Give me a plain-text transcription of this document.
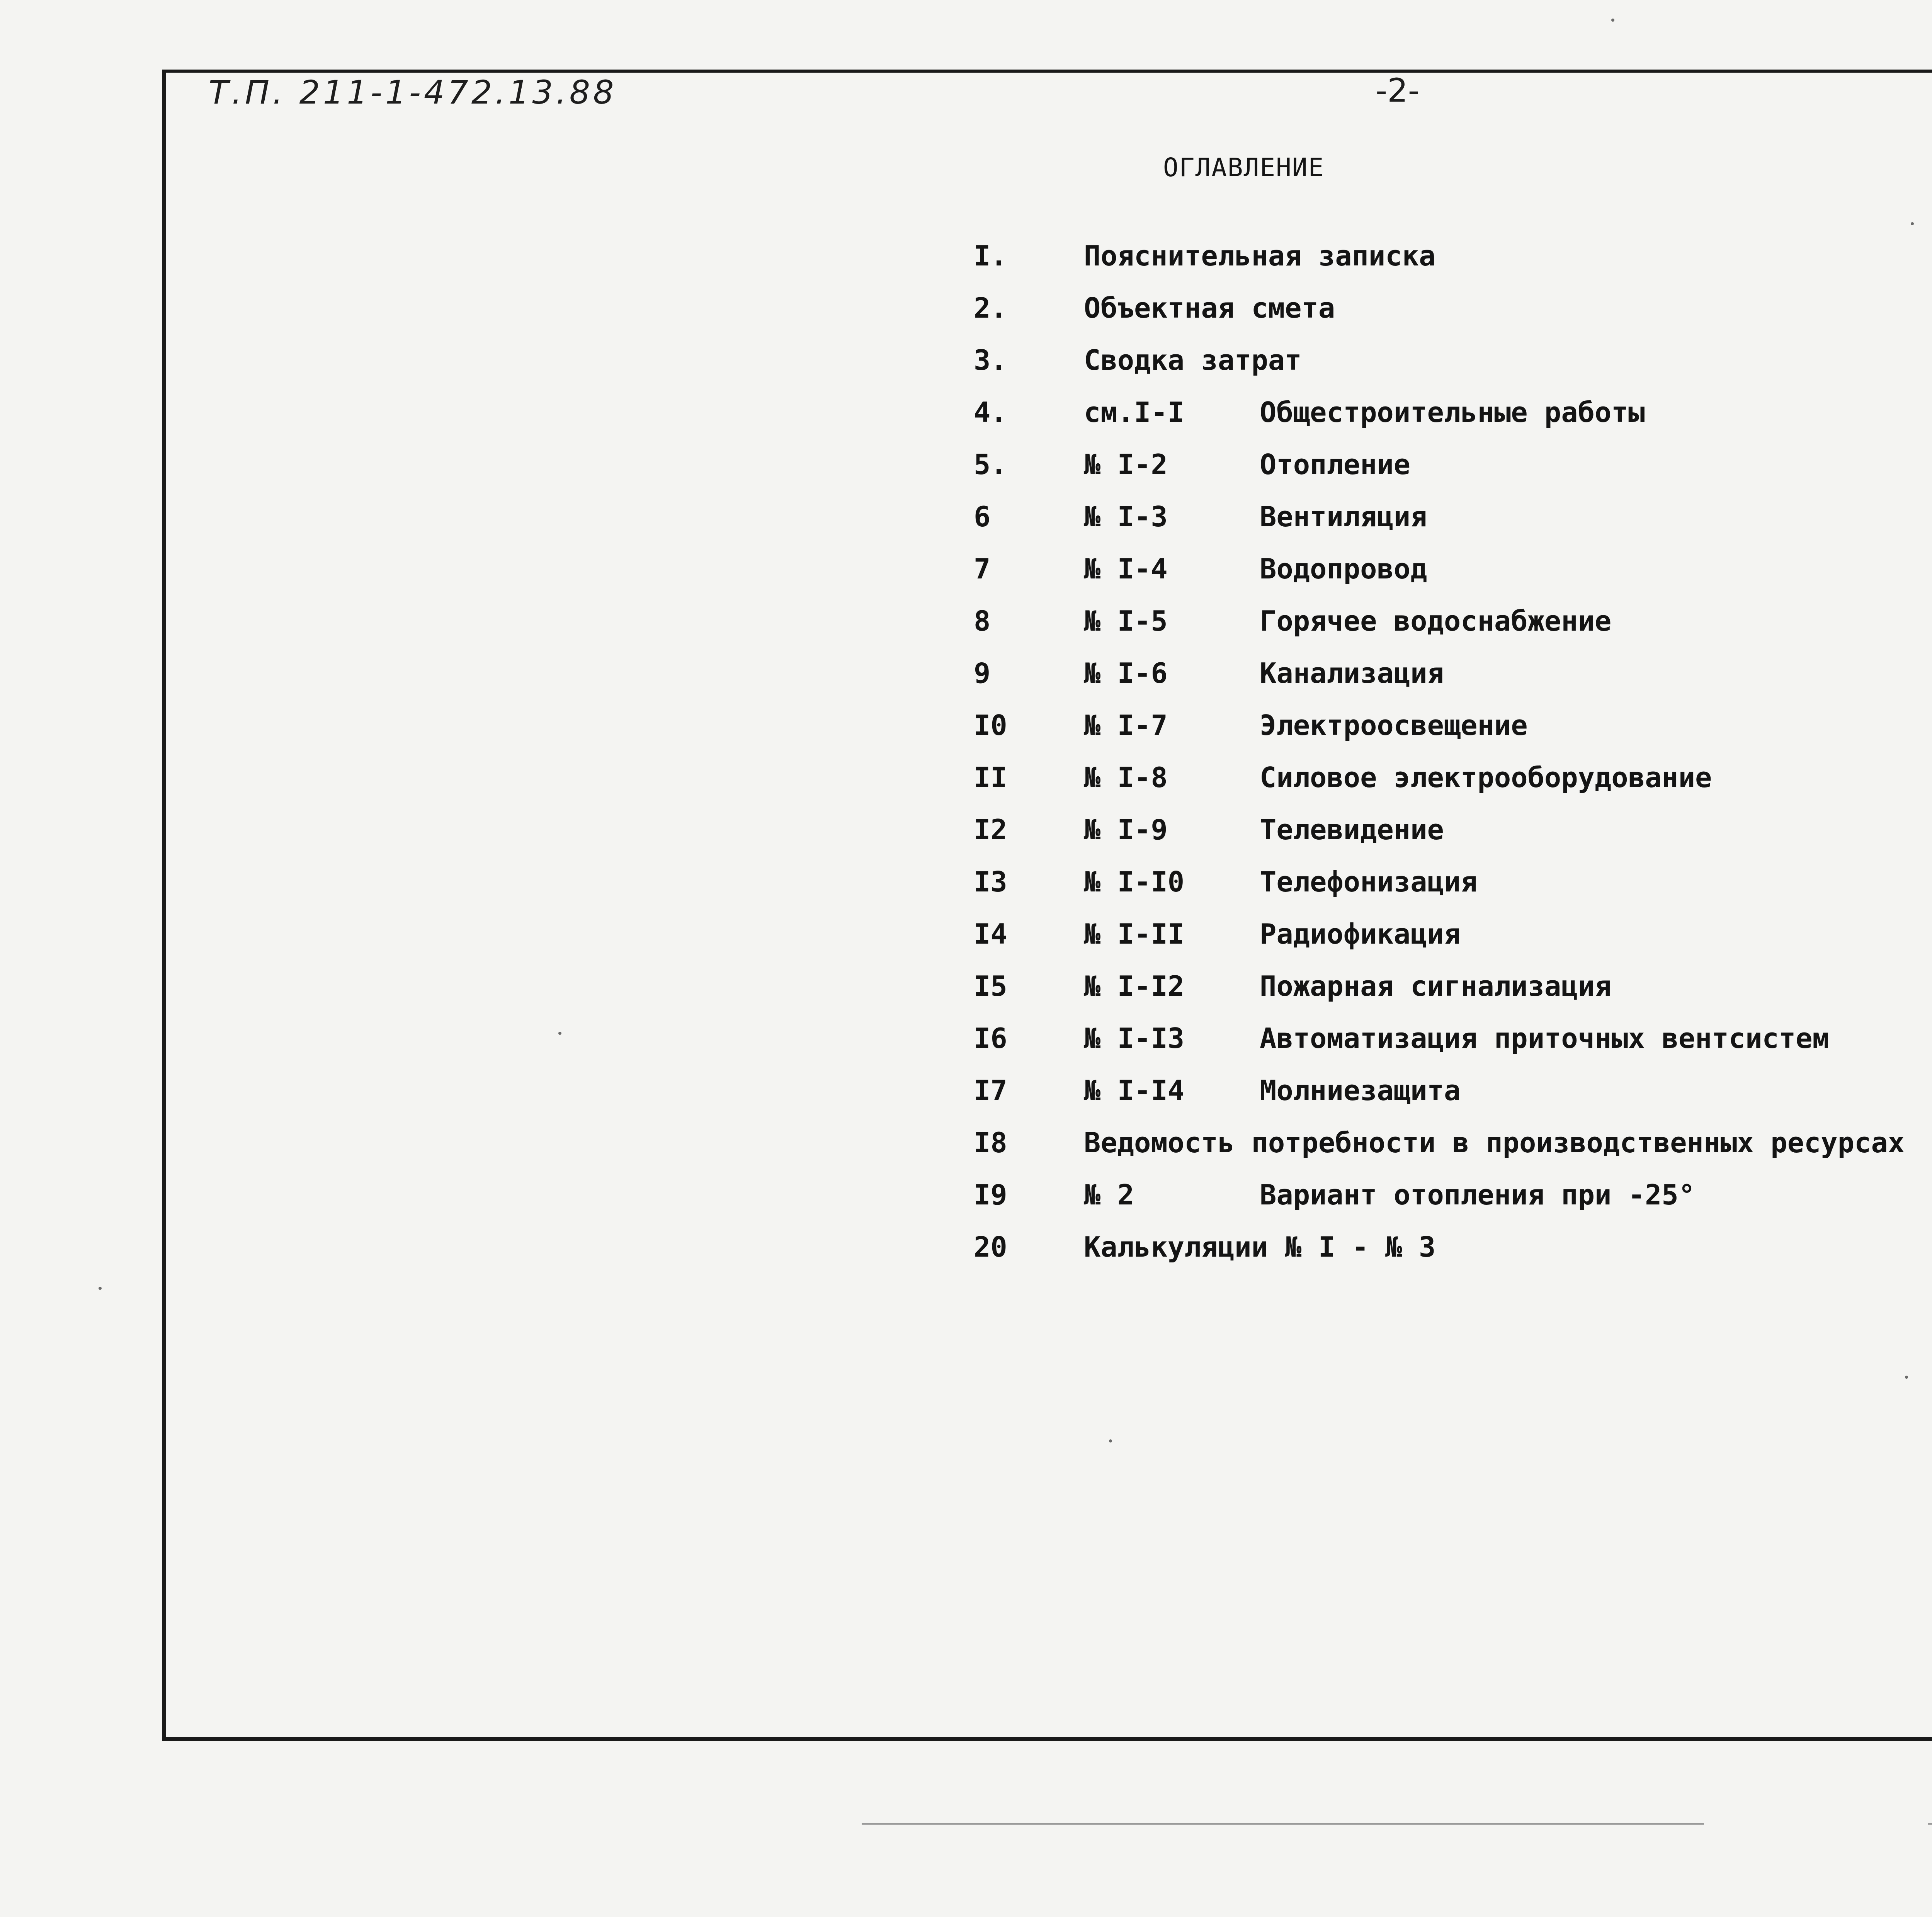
Т.П. 211-1-472.13.88	-2-
ОГЛАВЛЕНИЕ
I.	Пояснительная записка
2.	Объектная смета
3.	Сводка затрат
4.	см.I-I	Общестроительные работы
5.	№ I-2	Отопление
6	№ I-3	Вентиляция
7	№ I-4	Водопровод
8	№ I-5	Горячее водоснабжение
9	№ I-6	Канализация
I0	№ I-7	Электроосвещение
II	№ I-8	Силовое электрооборудование
I2	№ I-9	Телевидение
I3	№ I-I0	Телефонизация
I4	№ I-II	Радиофикация
I5	№ I-I2	Пожарная сигнализация
I6	№ I-I3	Автоматизация приточных вентсистем
I7	№ I-I4	Молниезащита
I8	Ведомость потребности в производственных ресурсах
I9	№ 2	Вариант отопления при -25°
20	Калькуляции № I - № 3
